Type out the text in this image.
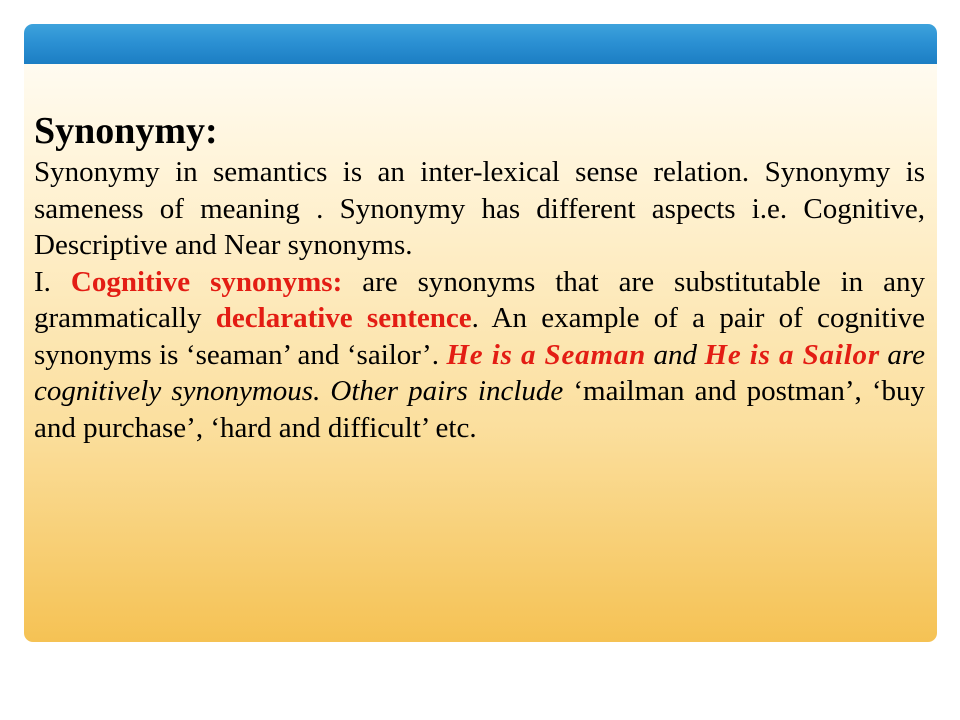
Synonymy:

Synonymy in semantics is an inter-lexical sense relation. Synonymy is sameness of meaning . Synonymy has different aspects i.e. Cognitive, Descriptive and Near synonyms.

I. Cognitive synonyms: are synonyms that are substitutable in any grammatically declarative sentence. An example of a pair of cognitive synonyms is ‘seaman’ and ‘sailor’. He is a Seaman and He is a Sailor are cognitively synonymous. Other pairs include ‘mailman and postman’, ‘buy and purchase’, ‘hard and difficult’ etc.
